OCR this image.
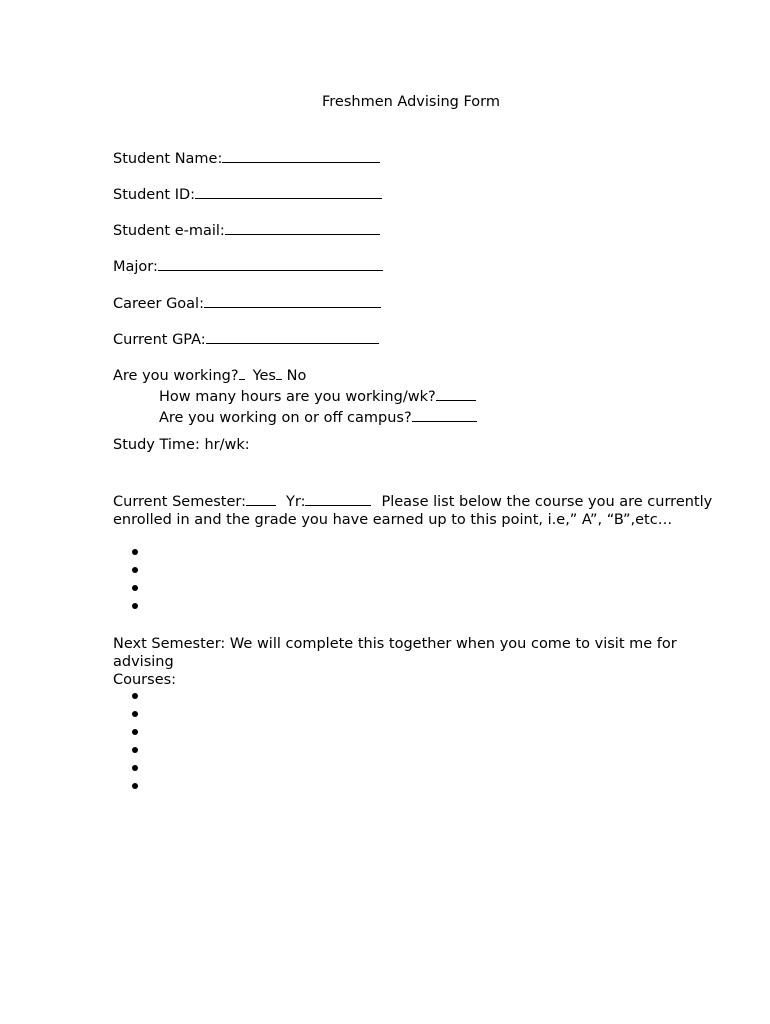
Freshmen Advising Form
Student Name:
Student ID:
Student e-mail:
Major:
Career Goal:
Current GPA:
Are you working? Yes No
How many hours are you working/wk?
Are you working on or off campus?
Study Time: hr/wk:
Current Semester:	Yr:	Please list below the course you are currently enrolled in and the grade you have earned up to this point, i.e,” A”, “B”,etc…
Next Semester: We will complete this together when you come to visit me for advising
Courses:
